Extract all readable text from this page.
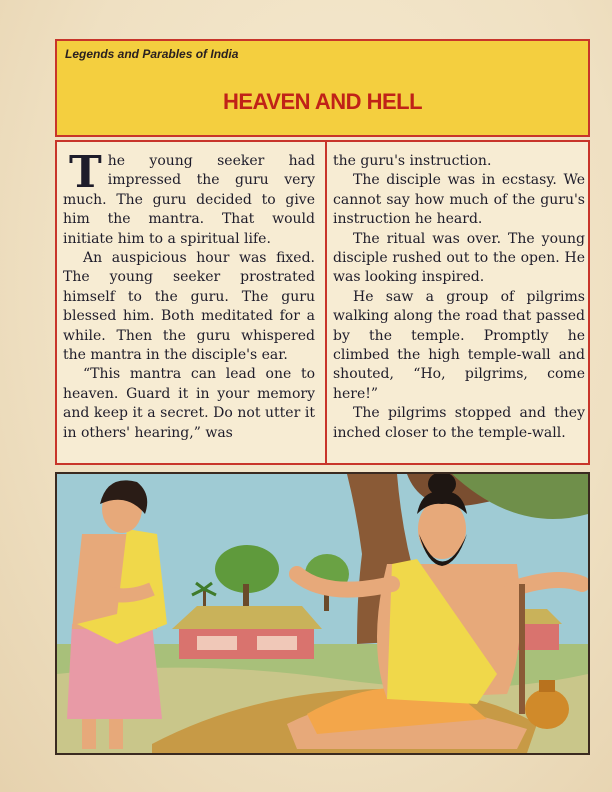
Legends and Parables of India
HEAVEN AND HELL

T he young seeker had impressed the guru very much. The guru decided to give him the mantra. That would initiate him to a spiritual life.

An auspicious hour was fixed. The young seeker prostrated himself to the guru. The guru blessed him. Both meditated for a while. Then the guru whispered the mantra in the disciple's ear.

“This mantra can lead one to heaven. Guard it in your memory and keep it a secret. Do not utter it in others' hearing,” was

the guru's instruction.

The disciple was in ecstasy. We cannot say how much of the guru's instruction he heard.

The ritual was over. The young disciple rushed out to the open. He was looking inspired.

He saw a group of pilgrims walking along the road that passed by the temple. Promptly he climbed the high temple-wall and shouted, “Ho, pilgrims, come here!”

The pilgrims stopped and they inched closer to the temple-wall.
